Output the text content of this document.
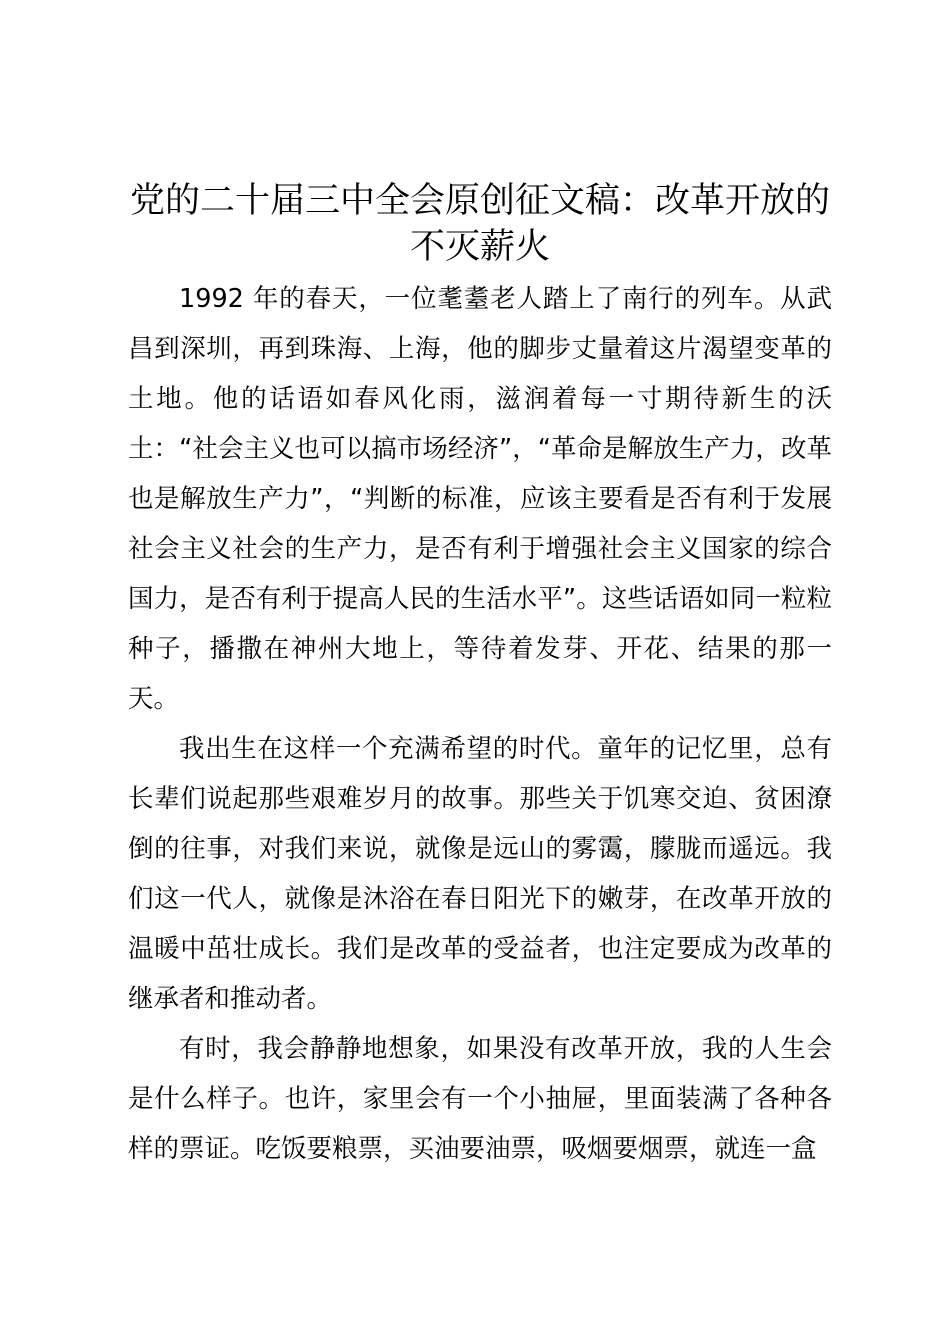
党的二十届三中全会原创征文稿：改革开放的不灭薪火

1992 年的春天，一位耄耋老人踏上了南行的列车。从武昌到深圳，再到珠海、上海，他的脚步丈量着这片渴望变革的土地。他的话语如春风化雨，滋润着每一寸期待新生的沃土：“社会主义也可以搞市场经济”，“革命是解放生产力，改革也是解放生产力”，“判断的标准，应该主要看是否有利于发展社会主义社会的生产力，是否有利于增强社会主义国家的综合国力，是否有利于提高人民的生活水平”。这些话语如同一粒粒种子，播撒在神州大地上，等待着发芽、开花、结果的那一天。

我出生在这样一个充满希望的时代。童年的记忆里，总有长辈们说起那些艰难岁月的故事。那些关于饥寒交迫、贫困潦倒的往事，对我们来说，就像是远山的雾霭，朦胧而遥远。我们这一代人，就像是沐浴在春日阳光下的嫩芽，在改革开放的温暖中茁壮成长。我们是改革的受益者，也注定要成为改革的继承者和推动者。

有时，我会静静地想象，如果没有改革开放，我的人生会是什么样子。也许，家里会有一个小抽屉，里面装满了各种各样的票证。吃饭要粮票，买油要油票，吸烟要烟票，就连一盒
